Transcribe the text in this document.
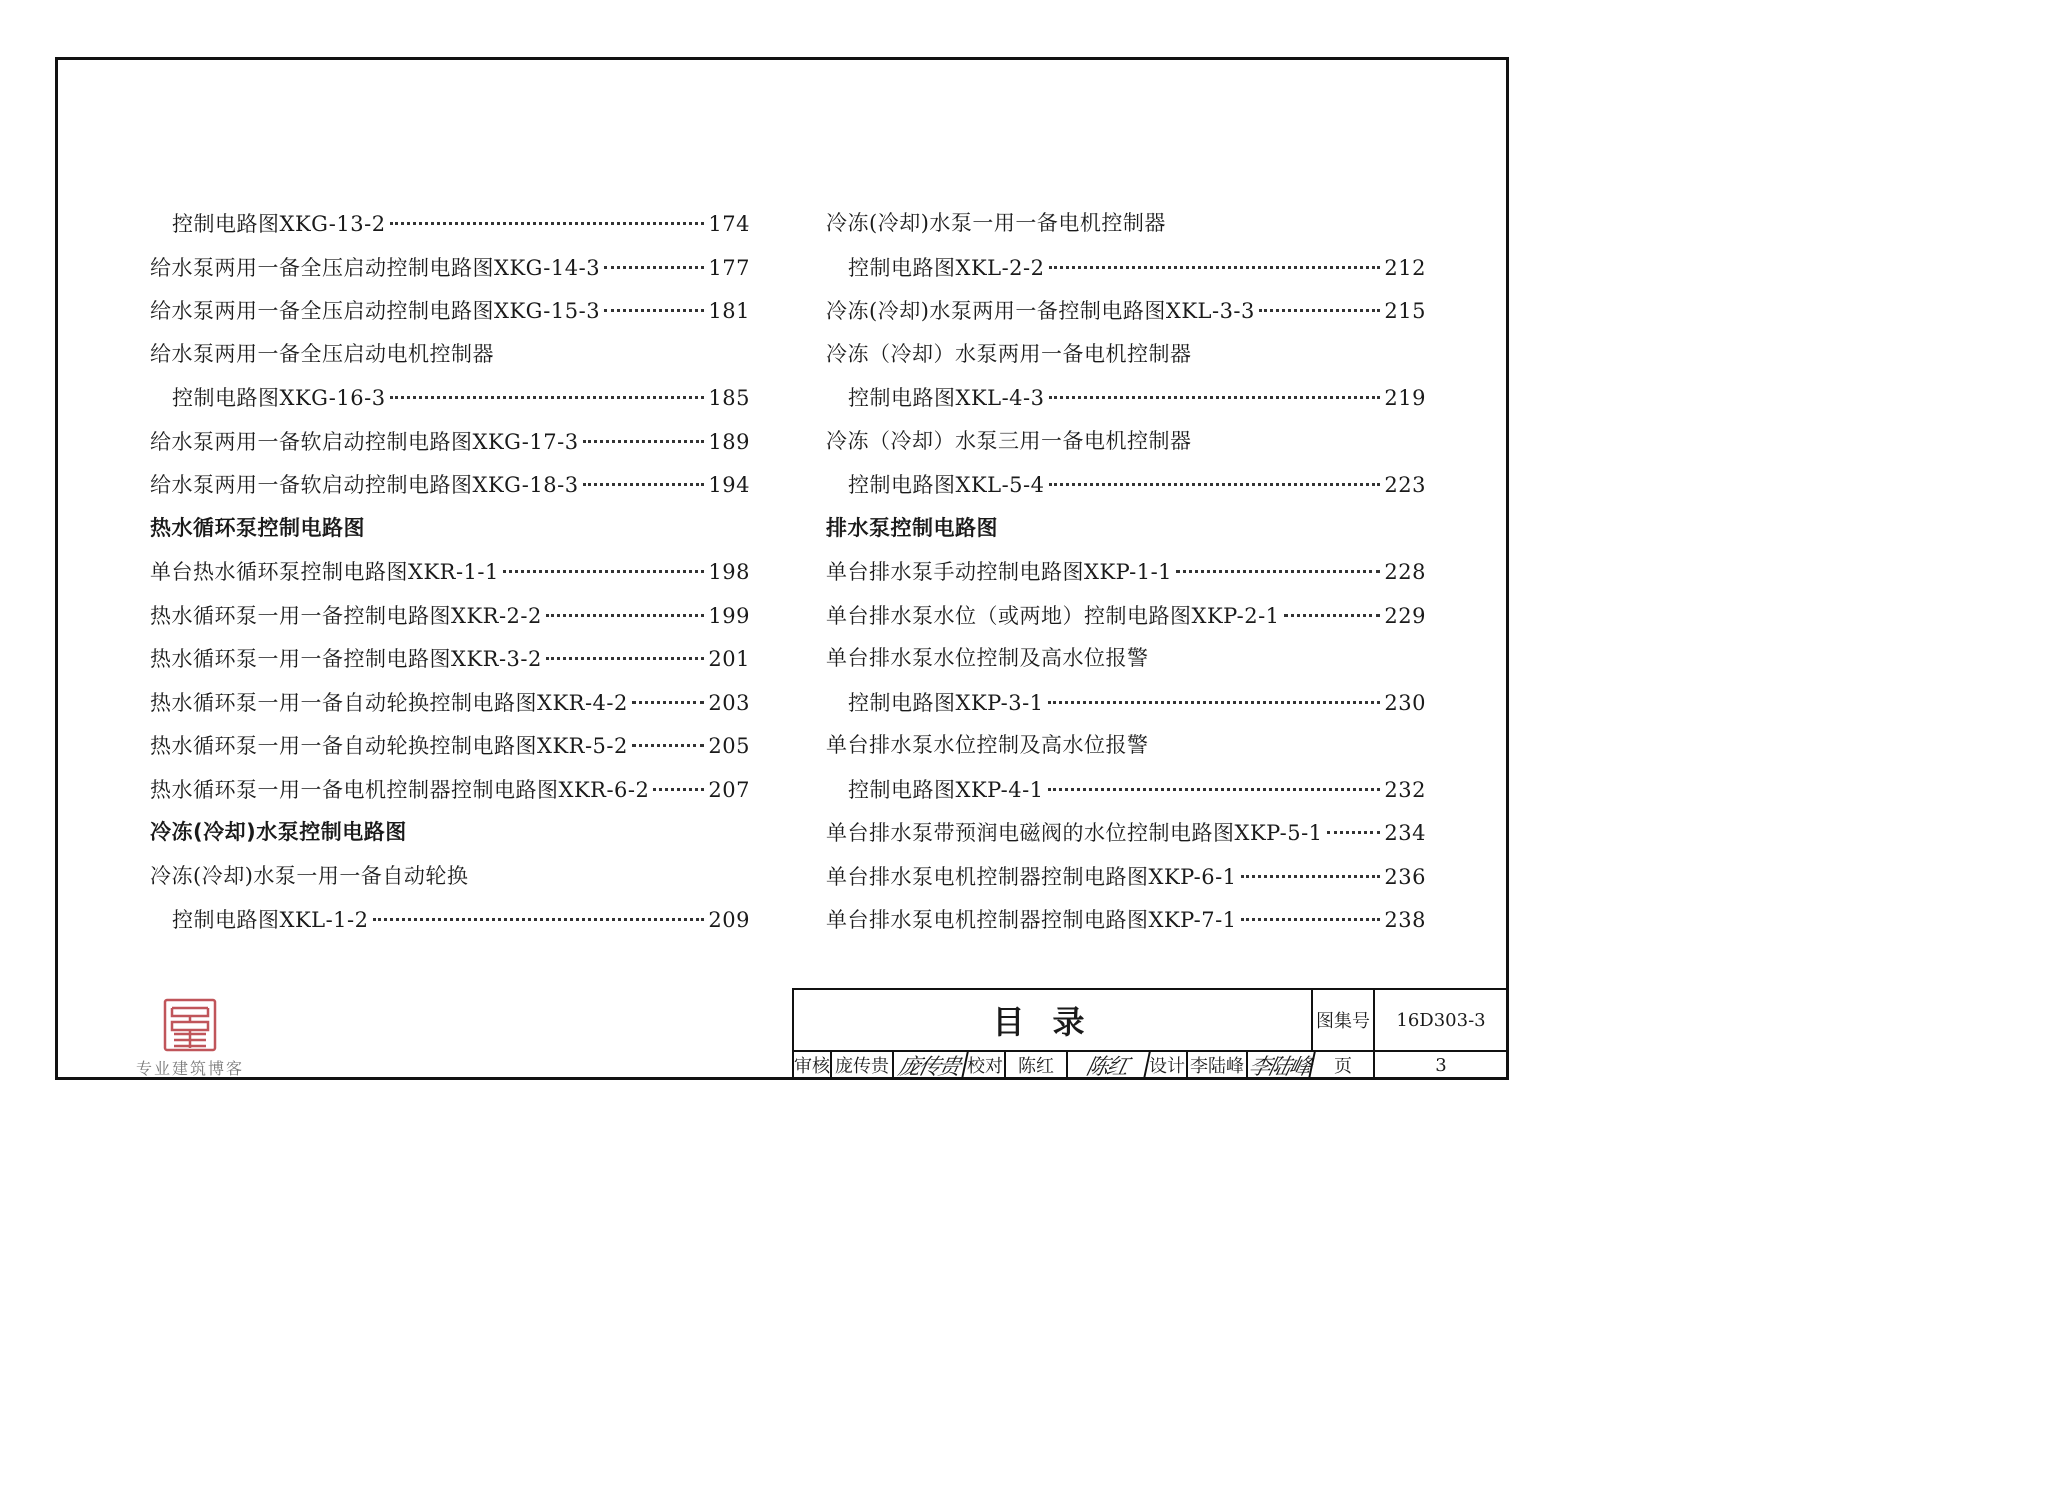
控制电路图XKG-13-2	174
给水泵两用一备全压启动控制电路图XKG-14-3	177
给水泵两用一备全压启动控制电路图XKG-15-3	181
给水泵两用一备全压启动电机控制器
控制电路图XKG-16-3	185
给水泵两用一备软启动控制电路图XKG-17-3	189
给水泵两用一备软启动控制电路图XKG-18-3	194
热水循环泵控制电路图
单台热水循环泵控制电路图XKR-1-1	198
热水循环泵一用一备控制电路图XKR-2-2	199
热水循环泵一用一备控制电路图XKR-3-2	201
热水循环泵一用一备自动轮换控制电路图XKR-4-2	203
热水循环泵一用一备自动轮换控制电路图XKR-5-2	205
热水循环泵一用一备电机控制器控制电路图XKR-6-2	207
冷冻(冷却)水泵控制电路图
冷冻(冷却)水泵一用一备自动轮换
控制电路图XKL-1-2	209
冷冻(冷却)水泵一用一备电机控制器
控制电路图XKL-2-2	212
冷冻(冷却)水泵两用一备控制电路图XKL-3-3	215
冷冻（冷却）水泵两用一备电机控制器
控制电路图XKL-4-3	219
冷冻（冷却）水泵三用一备电机控制器
控制电路图XKL-5-4	223
排水泵控制电路图
单台排水泵手动控制电路图XKP-1-1	228
单台排水泵水位（或两地）控制电路图XKP-2-1	229
单台排水泵水位控制及高水位报警
控制电路图XKP-3-1	230
单台排水泵水位控制及高水位报警
控制电路图XKP-4-1	232
单台排水泵带预润电磁阀的水位控制电路图XKP-5-1	234
单台排水泵电机控制器控制电路图XKP-6-1	236
单台排水泵电机控制器控制电路图XKP-7-1	238
目录	图集号	16D303-3
审核 庞传贵 庞传贵 校对 陈红	陈红	设计 李陆峰 李陆峰	页	3
专业建筑博客
